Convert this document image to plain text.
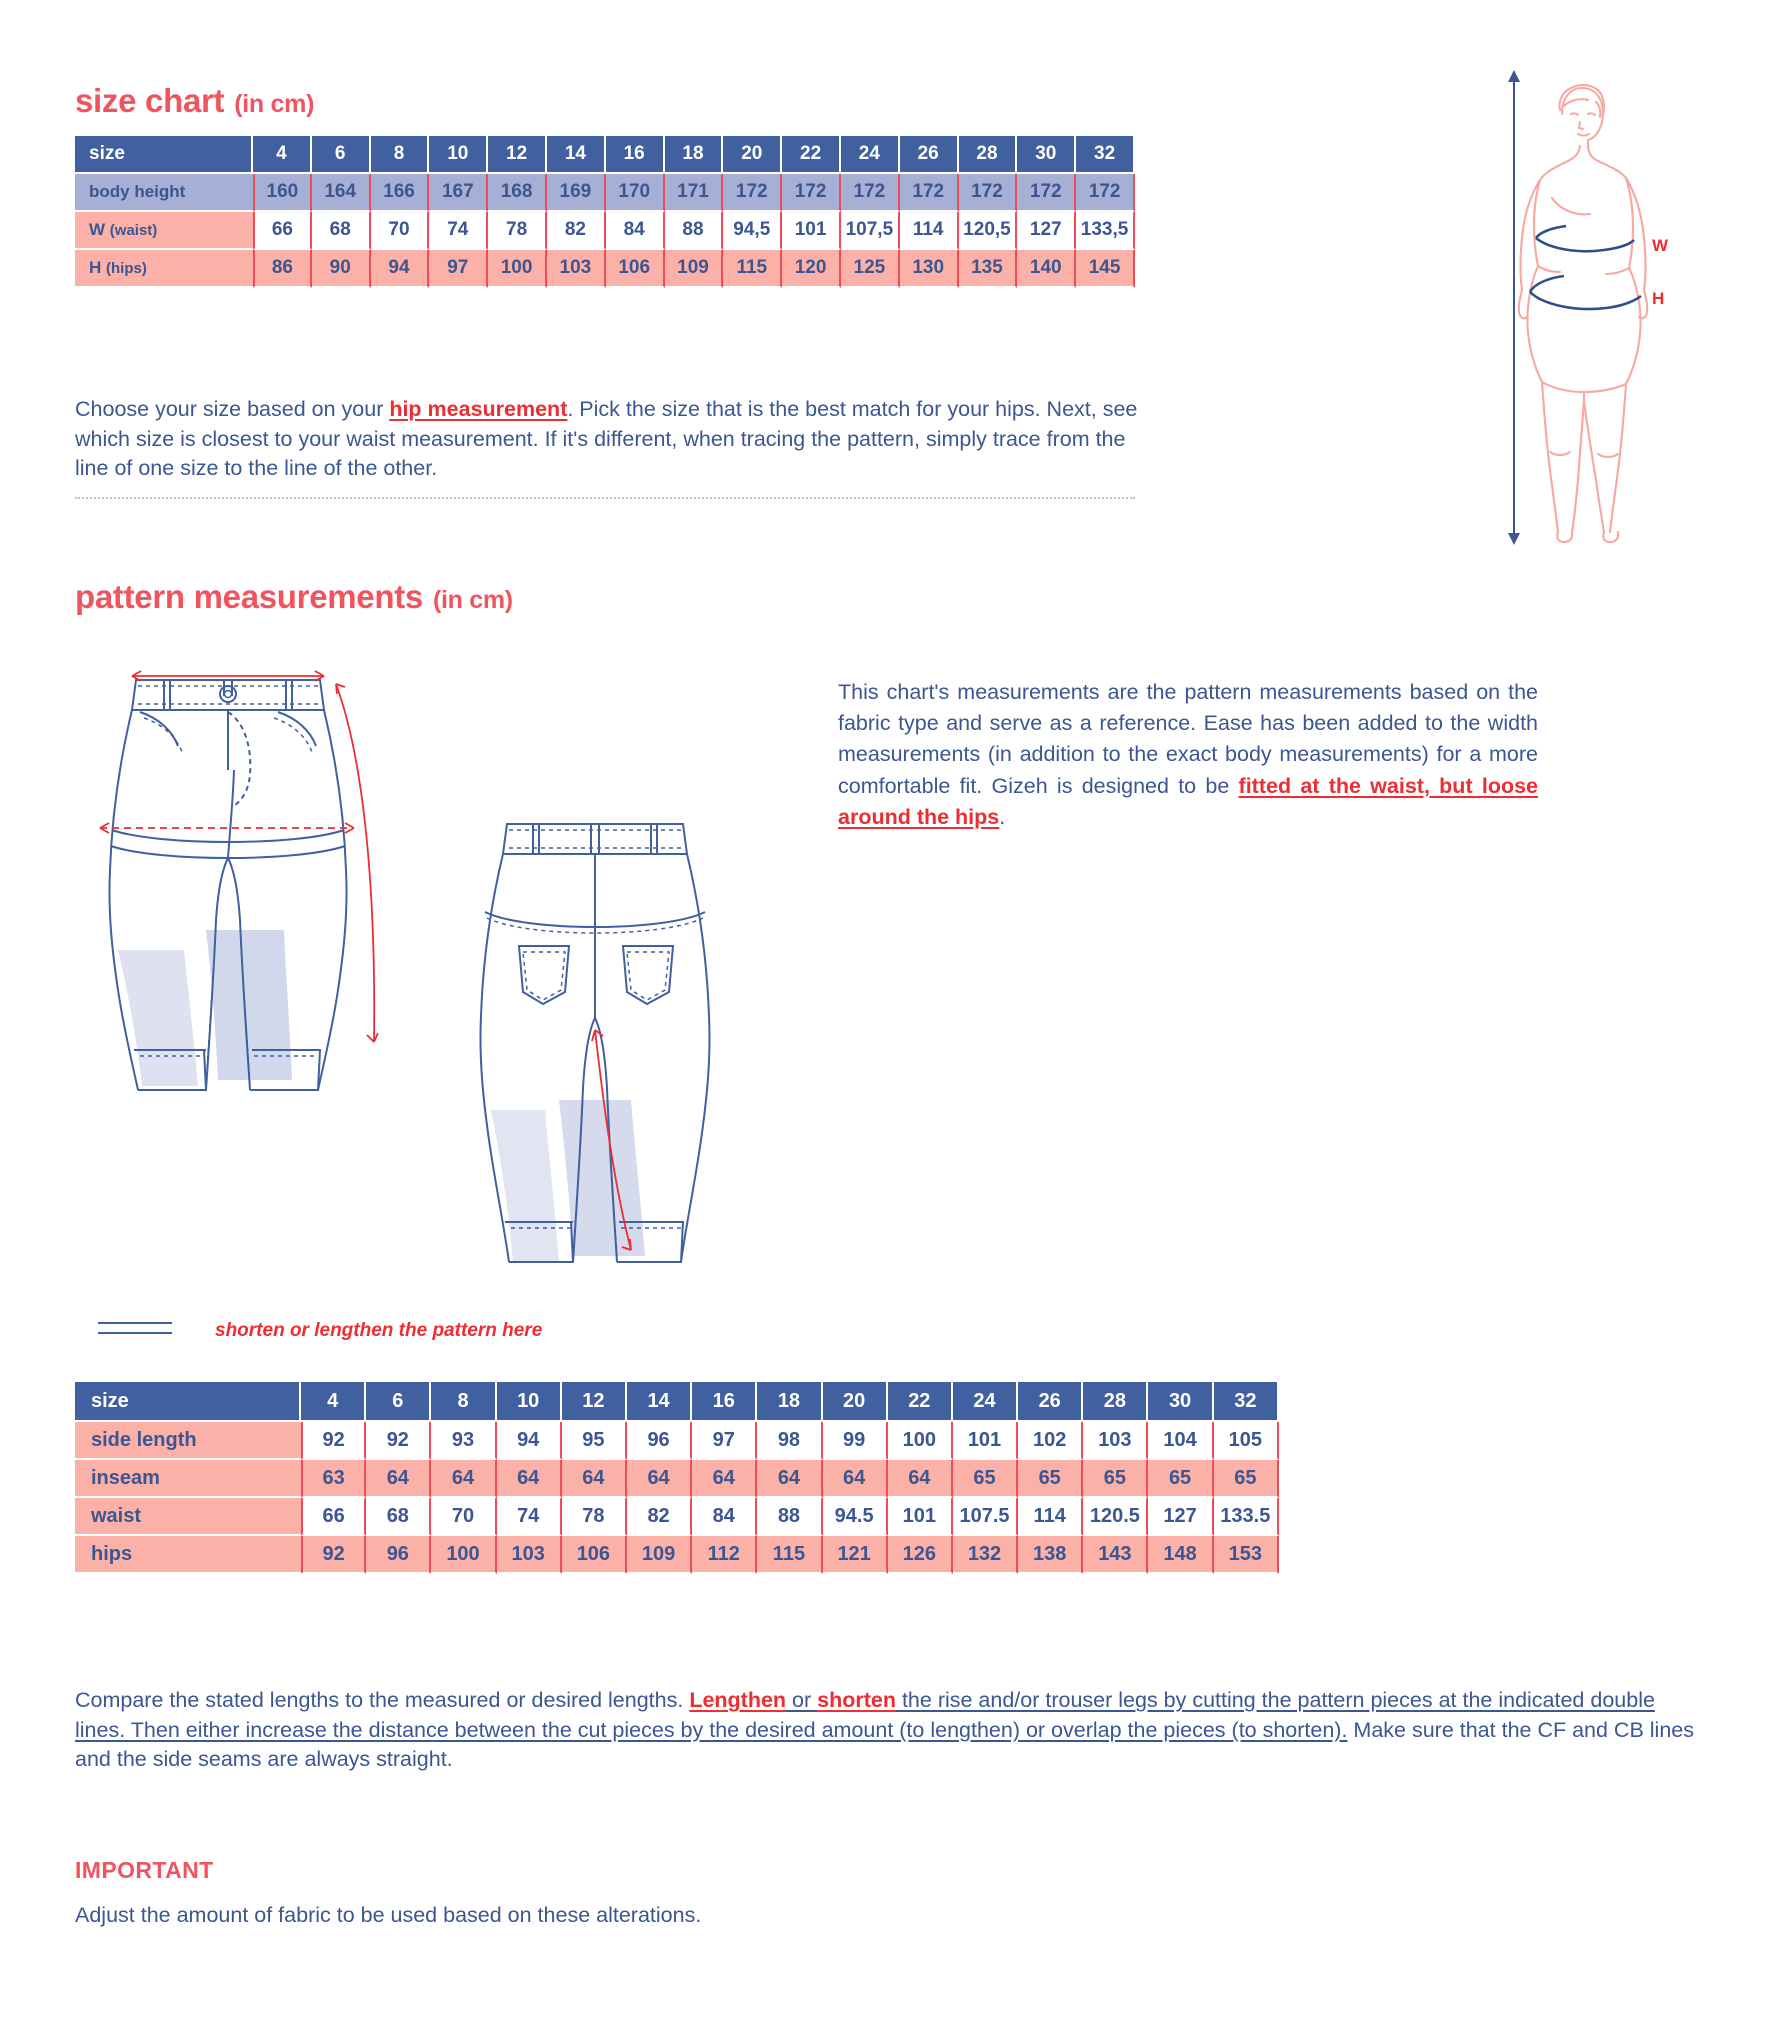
size chart (in cm)
size	4	6	8	10	12	14	16	18	20	22	24	26	28	30	32
body height	160	164	166	167	168	169	170	171	172	172	172	172	172	172	172
W (waist)	66	68	70	74	78	82	84	88	94,5	101	107,5	114	120,5	127	133,5
H (hips)	86	90	94	97	100	103	106	109	115	120	125	130	135	140	145
Choose your size based on your hip measurement. Pick the size that is the best match for your hips. Next, see which size is closest to your waist measurement. If it's different, when tracing the pattern, simply trace from the line of one size to the line of the other.
W
H
pattern measurements (in cm)
shorten or lengthen the pattern here
This chart's measurements are the pattern measurements based on the fabric type and serve as a reference. Ease has been added to the width measurements (in addition to the exact body measurements) for a more comfortable fit. Gizeh is designed to be fitted at the waist, but loose around the hips.
size	4	6	8	10	12	14	16	18	20	22	24	26	28	30	32
side length	92	92	93	94	95	96	97	98	99	100	101	102	103	104	105
inseam	63	64	64	64	64	64	64	64	64	64	65	65	65	65	65
waist	66	68	70	74	78	82	84	88	94.5	101	107.5	114	120.5	127	133.5
hips	92	96	100	103	106	109	112	115	121	126	132	138	143	148	153
Compare the stated lengths to the measured or desired lengths. Lengthen or shorten the rise and/or trouser legs by cutting the pattern pieces at the indicated double lines. Then either increase the distance between the cut pieces by the desired amount (to lengthen) or overlap the pieces (to shorten). Make sure that the CF and CB lines and the side seams are always straight.
IMPORTANT
Adjust the amount of fabric to be used based on these alterations.
